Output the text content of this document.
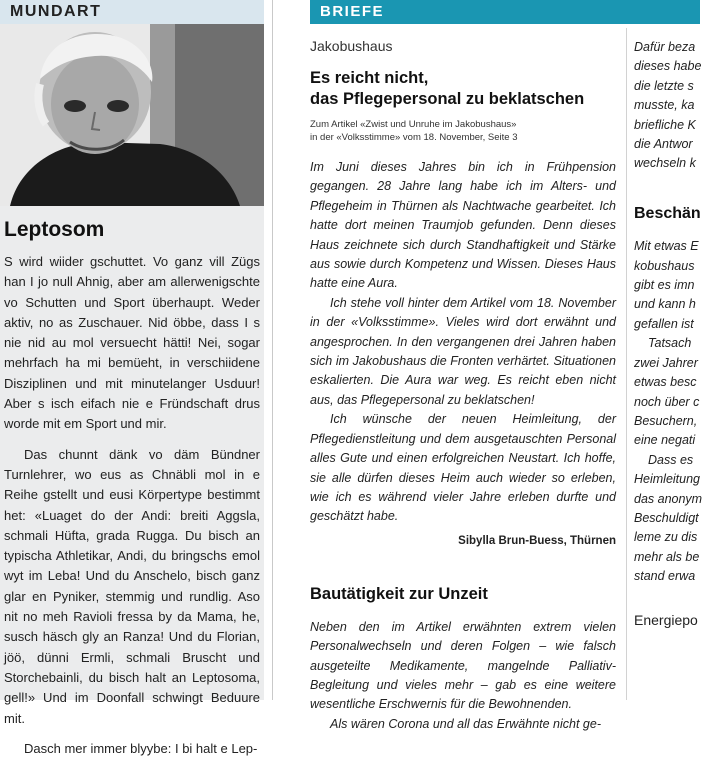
MUNDART
Leptosom

S wird wiider gschuttet. Vo ganz vill Zügs han I jo null Ahnig, aber am allerwenigschte vo Schutten und Sport überhaupt. Weder aktiv, no as Zuschauer. Nid öbbe, dass I s nie nid au mol versuecht hätti! Nei, sogar mehrfach ha mi bemüeht, in verschiidene Disziplinen und mit minutelanger Usduur! Aber s isch eifach nie e Fründschaft drus worde mit em Sport und mir.

Das chunnt dänk vo däm Bündner Turnlehrer, wo eus as Chnäbli mol in e Reihe gstellt und eusi Körpertype bestimmt het: «Luaget do der Andi: breiti Aggsla, schmali Hüfta, grada Rugga. Du bisch an typischa Athletikar, Andi, du bringschs emol wyt im Leba! Und du Anschelo, bisch ganz glar en Pyniker, stemmig und rundlig. Aso nit no meh Ravioli fressa by da Mama, he, susch häsch gly an Ranza! Und du Florian, jöö, dünni Ermli, schmali Bruscht und Storchebainli, du bisch halt an Leptosoma, gell!» Und im Doonfall schwingt Beduure mit.

Dasch mer immer blyybe: I bi halt e Lep-

BRIEFE

Jakobushaus

Es reicht nicht,
das Pflegepersonal zu beklatschen

Zum Artikel «Zwist und Unruhe im Jakobushaus»
in der «Volksstimme» vom 18. November, Seite 3

Im Juni dieses Jahres bin ich in Frühpension gegangen. 28 Jahre lang habe ich im Alters- und Pflegeheim in Thürnen als Nachtwache gearbeitet. Ich hatte dort meinen Traumjob gefunden. Denn dieses Haus zeichnete sich durch Standhaftigkeit und Stärke aus sowie durch Kompetenz und Wissen. Dieses Haus hatte eine Aura.

Ich stehe voll hinter dem Artikel vom 18. November in der «Volksstimme». Vieles wird dort erwähnt und angesprochen. In den vergangenen drei Jahren haben sich im Jakobushaus die Fronten verhärtet. Situationen eskalierten. Die Aura war weg. Es reicht eben nicht aus, das Pflegepersonal zu beklatschen!

Ich wünsche der neuen Heimleitung, der Pflegedienstleitung und dem ausgetauschten Personal alles Gute und einen erfolgreichen Neustart. Ich hoffe, sie alle dürfen dieses Heim auch wieder so erleben, wie ich es während vieler Jahre erleben durfte und geschätzt habe.

Sibylla Brun-Buess, Thürnen
Bautätigkeit zur Unzeit

Neben den im Artikel erwähnten extrem vielen Personalwechseln und deren Folgen – wie falsch ausgeteilte Medikamente, mangelnde Palliativ-Begleitung und vieles mehr – gab es eine weitere wesentliche Erschwernis für die Bewohnenden.

Als wären Corona und all das Erwähnte nicht ge-

Dafür beza
dieses habe
die letzte s
musste, ka
briefliche K
die Antwor
wechseln k
Beschän
Mit etwas E
kobushaus
gibt es imn
und kann h
gefallen ist
Tatsach
zwei Jahrer
etwas besc
noch über c
Besuchern,
eine negati
Dass es
Heimleitung
das anonym
Beschuldigt
leme zu dis
mehr als be
stand erwa
Energiepo
